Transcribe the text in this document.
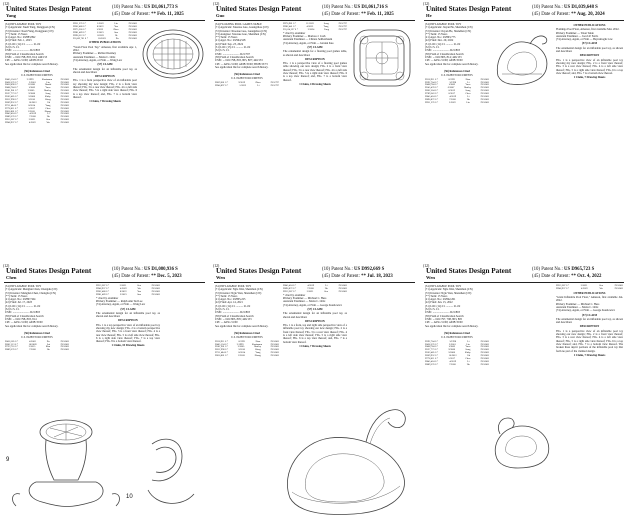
(12)
United States Design Patent
Yang
(10) Patent No.: US D1,061,773 S
(45) Date of Patent: ** Feb. 11, 2025
(54) INFLATABLE POOL TOY
(71) Applicant: Xueli Yang, Dongguan (CN)
(72) Inventor: Xueli Yang, Dongguan (CN)
(**) Term: 15 Years
(21) Appl. No.: 29/883,892
(22) Filed: Feb. 1, 2023
(51) LOC (14) Cl. .......... 21-02
(52) U.S. Cl.
USPC ........................ D21/803
(58) Field of Classification Search
USPC ... D21/798, 803, 814; 446/153
CPC ... A63G 31/00; A63H 23/10
See application file for complete search history.
(56) References Cited
U.S. PATENT DOCUMENTS
D405,134 S *	2/1999	Kaufmann	D21/803
D438,576 S *	3/2001	Lin	D21/803
D450,098 S *	11/2001	Hassid	D21/803
D468,784 S *	1/2003	Yuen	D21/803
D501,901 S *	2/2005	Hartley	D21/803
D527,773 S *	9/2006	Song	D21/803
D563,485 S *	3/2008	Kirby	D21/803
D612,998 S *	3/2010	Wang	D21/803
D669,952 S *	10/2012	Oh	D21/803
D711,484 S *	8/2014	Yang	D21/803
D778,011 S *	1/2017	Chen	D21/803
D810,861 S *	2/2018	Zhang	D21/803
D845,424 S *	4/2019	Li	D21/803
D889,570 S *	7/2020	Hu	D21/803
D913,387 S *	3/2021	Guo	D21/803
D948,937 S *	4/2022	Wu	D21/803
D951,376 S *	5/2022	Lin	D21/803
D962,488 S *	8/2022	Yan	D21/803
D975,260 S *	1/2023	Zhou	D21/803
D981,489 S *	3/2023	Sun	D21/803
D990,512 S *	6/2023	He	D21/803
D1,002,761 S *	10/2023	Xu	D21/803
OTHER PUBLICATIONS
"Swan Float Pool Toy," Amazon, first available Apr. 1, 2022.
Primary Examiner — Richard Kenney
Assistant Examiner — Maria C. Ortiz
(74) Attorney, Agent, or Firm — Wang Law
(57) CLAIM
The ornamental design for an inflatable pool toy, as shown and described.
DESCRIPTION
FIG. 1 is a front perspective view of an inflatable pool toy showing my new design; FIG. 2 is a front view thereof; FIG. 3 is a rear view thereof; FIG. 4 is a left side view thereof; FIG. 5 is a right side view thereof; FIG. 6 is a top view thereof; and, FIG. 7 is a bottom view thereof.
1 Claim, 7 Drawing Sheets
(12)
United States Design Patent
Guo
(10) Patent No.: US D1,061,716 S
(45) Date of Patent: ** Feb. 11, 2025
(54) FLOATING POOL GAMES TABLE
(71) Applicant: Xiaoxue Guo, Guangzhou (CN)
(72) Inventor: Xiaoxue Guo, Guangzhou (CN)
(73) Assignee: Xiaoxue Guo, Shenzhen (CN)
(**) Term: 15 Years
(21) Appl. No.: 29/964,528
(22) Filed: Sep. 23, 2024
(51) LOC (15) Cl. .......... 21-02
(52) U.S. Cl.
USPC ........................ D21/797
(58) Field of Classification Search
USPC ... D21/798, 803, 805, 807; 446/153
CPC ... A63G 31/00; A63B 35/00; B63B 35/73
See application file for complete search history.
(56) References Cited
U.S. PATENT DOCUMENTS
D859,601 S *	9/2019	Zhou	D21/797
D940,897 S *	1/2022	Li	D21/797
D970,981 S *	11/2022	Song	D21/797
D982,441 S *	4/2023	Tang	D21/797
D1,014,327 S *	2/2024	Fang	D21/797
* cited by examiner
Primary Examiner — Marissa J. Cash
Assistant Examiner — Chitara Seiffenbaum
(74) Attorney, Agent, or Firm — Jeruian Kuo
(57) CLAIM
The ornamental design for a floating pool games table, as shown and described.
DESCRIPTION
FIG. 1 is a perspective view of a floating pool games table showing our new design; FIG. 2 is a front view thereof; FIG. 3 is a rear view thereof; FIG. 4 is a left side view thereof; FIG. 5 is a right side view thereof; FIG. 6 is a top view thereof; and, FIG. 7 is a bottom view thereof.
1 Claim, 4 Drawing Sheets
(12)
United States Design Patent
He
(10) Patent No.: US D1,039,648 S
(45) Date of Patent: ** Aug. 20, 2024
(54) INFLATABLE POOL TOY
(71) Applicant: Jiayan He, Shenzhen (CN)
(72) Inventor: Jiayan He, Shenzhen (CN)
(**) Term: 15 Years
(21) Appl. No.: 29/863,775
(22) Filed: Dec. 20, 2022
(51) LOC (14) Cl. .......... 21-02
(52) U.S. Cl.
USPC ........................ D21/803
(58) Field of Classification Search
USPC ... D21/803, 814; 446/153
CPC ... A63G 31/00; A63B 35/00
See application file for complete search history.
(56) References Cited
U.S. PATENT DOCUMENTS
D318,911 S *	8/1991	Ham	D21/803
D392,704 S *	3/1998	Li	D21/803
D468,784 S *	1/2003	Yuen	D21/803
D545,478 S *	6/2007	Hartley	D21/803
D662,564 S *	6/2012	Song	D21/803
D789,543 S *	6/2017	Chen	D21/803
D845,424 S *	4/2019	Li	D21/803
D890,872 S *	7/2020	Hu	D21/803
D951,376 S *	5/2022	Lin	D21/803
OTHER PUBLICATIONS
Flamingo Pool Float, Amazon, first available Mar. 2022.
Primary Examiner — Tsion Tekle
Assistant Examiner — Jacob P. Ferris
(74) Attorney, Agent, or Firm — Bayramoglu Law
(57) CLAIM
The ornamental design for an inflatable pool toy, as shown and described.
DESCRIPTION
FIG. 1 is a perspective view of an inflatable pool toy showing my new design; FIG. 2 is a front view thereof; FIG. 3 is a rear view thereof; FIG. 4 is a left side view thereof; FIG. 5 is a right side view thereof; FIG. 6 is a top view thereof; and, FIG. 7 is a bottom view thereof.
1 Claim, 7 Drawing Sheets
(12)
United States Design Patent
Chen
(10) Patent No.: US D1,080,936 S
(45) Date of Patent: ** Dec. 5, 2023
(54) INFLATABLE POOL TOY
(71) Applicant: Menglun Chen, Chengdu (CN)
(72) Inventor: Menglun Chen, Chengdu (CN)
(**) Term: 15 Years
(21) Appl. No.: 29/897,564
(22) Filed: Jul. 17, 2023
(51) LOC (14) Cl. .......... 21-02
(52) U.S. Cl.
USPC ........................ D21/803
(58) Field of Classification Search
USPC ... D21/798, 803, 814
CPC ... A63G 31/00; A63B 35/00
See application file for complete search history.
(56) References Cited
U.S. PATENT DOCUMENTS
D456,185 S *	4/2002	Xu	D21/803
D602,113 S *	10/2009	Lai	D21/803
D725,716 S *	3/2015	Kim	D21/803
D889,570 S *	7/2020	Hu	D21/803
D913,387 S *	3/2021	Guo	D21/803
D948,937 S *	4/2022	Wu	D21/803
D962,488 S *	8/2022	Yan	D21/803
D981,489 S *	3/2023	Sun	D21/803
* cited by examiner
Primary Examiner — Ralph Ann Ted Lee
(74) Attorney, Agent, or Firm — Wang Law
(57) CLAIM
The ornamental design for an inflatable pool toy, as shown and described.
DESCRIPTION
FIG. 1 is a top perspective view of an inflatable pool toy showing my new design; FIG. 2 is a bottom perspective view thereof; FIG. 3 is a front view thereof; FIG. 4 is a rear view thereof; FIG. 5 is a left side view thereof; FIG. 6 is a right side view thereof; FIG. 7 is a top view thereof; FIG. 8 is a bottom view thereof.
1 Claim, 10 Drawing Sheets
9
10
(12)
United States Design Patent
Wen
(10) Patent No.: US D992,669 S
(45) Date of Patent: ** Jul. 18, 2023
(54) INFLATABLE POOL TOY
(71) Applicant: Nglo Wen, Shenzhen (CN)
(72) Inventor: Nglo Wen, Shenzhen (CN)
(**) Term: 15 Years
(21) Appl. No.: 29/805,225
(22) Filed: Apr. 14, 2021
(51) LOC (14) Cl. .......... 21-02
(52) U.S. Cl.
USPC ........................ D21/803
(58) Field of Classification Search
USPC ... D21/803, 805; 446/153
CPC ... A63G 31/00
See application file for complete search history.
(56) References Cited
U.S. PATENT DOCUMENTS
D318,911 S *	8/1991	Ham	D21/803
D405,134 S *	2/1999	Kaufmann	D21/803
D501,901 S *	2/2005	Hartley	D21/803
D612,998 S *	3/2010	Wang	D21/803
D711,484 S *	8/2014	Yang	D21/803
D810,861 S *	2/2018	Zhang	D21/803
D845,424 S *	4/2019	Li	D21/803
D890,872 S *	7/2020	Hu	D21/803
D913,387 S *	3/2021	Guo	D21/803
* cited by examiner
Primary Examiner — Michael C. Hess
Assistant Examiner — Maria C. Ortiz
(74) Attorney, Agent, or Firm — George Kondowicz
(57) CLAIM
The ornamental design for an inflatable pool toy, as shown and described.
DESCRIPTION
FIG. 1 is a front, top and right side perspective view of a inflatable pool toy showing our new design; FIG. 2 is a front view thereof; FIG. 3 is a rear view thereof; FIG. 4 is a left side view thereof; FIG. 5 is a right side view thereof; FIG. 6 is a top view thereof; and, FIG. 7 is a bottom view thereof.
1 Claim, 7 Drawing Sheets
(12)
United States Design Patent
Wen
(10) Patent No.: US D965,723 S
(45) Date of Patent: ** Oct. 4, 2022
(54) INFLATABLE POOL TOY
(71) Applicant: Nglo Wen, Shenzhen (CN)
(72) Inventor: Nglo Wen, Shenzhen (CN)
(**) Term: 15 Years
(21) Appl. No.: 29/842,261
(22) Filed: Jun. 15, 2022
(51) LOC (14) Cl. .......... 21-02
(52) U.S. Cl.
USPC ........................ D21/803
(58) Field of Classification Search
USPC ... D21/797, 798, 803, 805
CPC ... A63G 31/00; A63B 35/00
See application file for complete search history.
(56) References Cited
U.S. PATENT DOCUMENTS
D392,704 S *	3/1998	Li	D21/803
D438,576 S *	3/2001	Lin	D21/803
D468,784 S *	1/2003	Yuen	D21/803
D527,773 S *	9/2006	Song	D21/803
D563,485 S *	3/2008	Kirby	D21/803
D669,952 S *	10/2012	Oh	D21/803
D778,011 S *	1/2017	Chen	D21/803
D845,424 S *	4/2019	Li	D21/803
D889,570 S *	7/2020	Hu	D21/803
D913,387 S *	3/2021	Guo	D21/803
D948,937 S *	4/2022	Wu	D21/803
OTHER PUBLICATIONS
"Giant Inflatable Pool Float," Amazon, first available Jan. 2022.
Primary Examiner — Michael C. Hess
Assistant Examiner — Maria C. Ortiz
(74) Attorney, Agent, or Firm — George Kondowicz
(57) CLAIM
The ornamental design for an inflatable pool toy, as shown and described.
DESCRIPTION
FIG. 1 is a perspective view of an inflatable pool toy showing our new design; FIG. 2 is a front view thereof; FIG. 3 is a rear view thereof; FIG. 4 is a left side view thereof; FIG. 5 is a right side view thereof; FIG. 6 is a top view thereof; and, FIG. 7 is a bottom view thereof. The broken lines depict portions of the inflatable pool toy that form no part of the claimed design.
1 Claim, 7 Drawing Sheets
